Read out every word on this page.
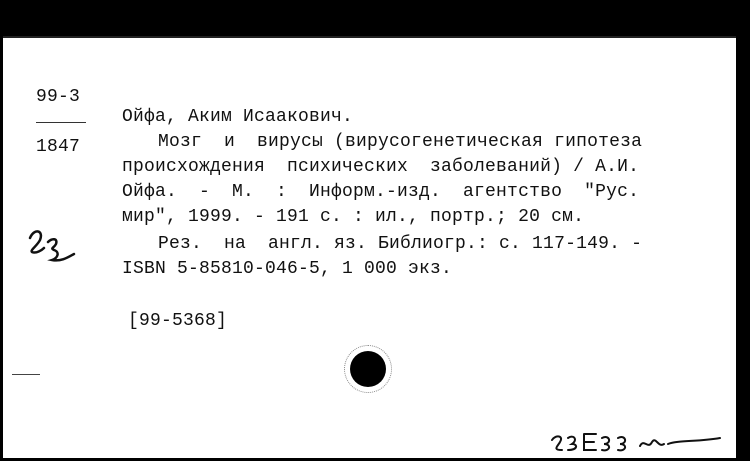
99-3
1847
Ойфа, Аким Исаакович.
Мозг  и  вирусы (вирусогенетическая гипотеза
происхождения  психических  заболеваний) / А.И.
Ойфа.  -  М.  :  Информ.-изд.  агентство  "Рус.
мир", 1999. - 191 с. : ил., портр.; 20 см.
Рез.  на  англ. яз. Библиогр.: с. 117-149. -
ISBN 5-85810-046-5, 1 000 экз.
[99-5368]
